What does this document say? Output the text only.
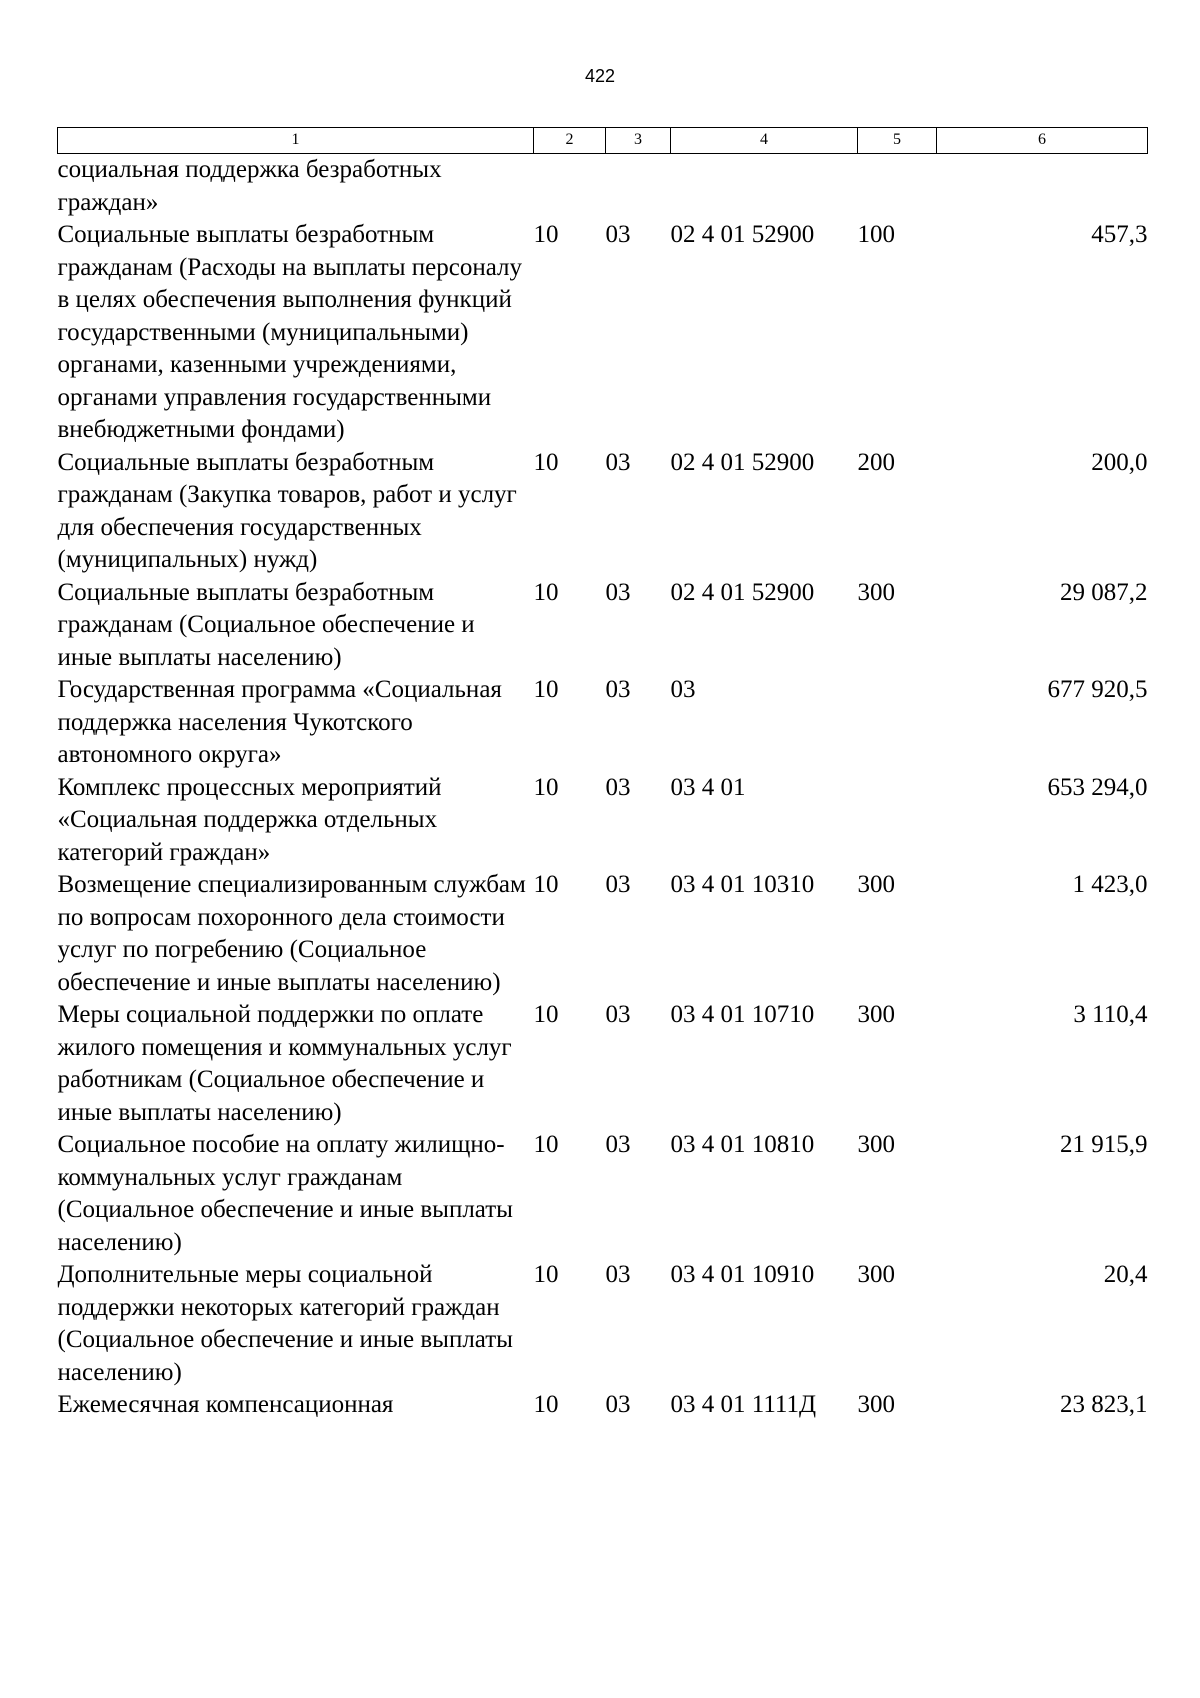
422
1	2	3	4	5	6
социальная поддержка безработных граждан»					
Социальные выплаты безработным гражданам (Расходы на выплаты персоналу в целях обеспечения выполнения функций государственными (муниципальными) органами, казенными учреждениями, органами управления государственными внебюджетными фондами)	10	03	02 4 01 52900	100	457,3
Социальные выплаты безработным гражданам (Закупка товаров, работ и услуг для обеспечения государственных (муниципальных) нужд)	10	03	02 4 01 52900	200	200,0
Социальные выплаты безработным гражданам (Социальное обеспечение и иные выплаты населению)	10	03	02 4 01 52900	300	29 087,2
Государственная программа «Социальная поддержка населения Чукотского автономного округа»	10	03	03		677 920,5
Комплекс процессных мероприятий «Социальная поддержка отдельных категорий граждан»	10	03	03 4 01		653 294,0
Возмещение специализированным службам по вопросам похоронного дела стоимости услуг по погребению (Социальное обеспечение и иные выплаты населению)	10	03	03 4 01 10310	300	1 423,0
Меры социальной поддержки по оплате жилого помещения и коммунальных услуг работникам (Социальное обеспечение и иные выплаты населению)	10	03	03 4 01 10710	300	3 110,4
Социальное пособие на оплату жилищно-коммунальных услуг гражданам (Социальное обеспечение и иные выплаты населению)	10	03	03 4 01 10810	300	21 915,9
Дополнительные меры социальной поддержки некоторых категорий граждан (Социальное обеспечение и иные выплаты населению)	10	03	03 4 01 10910	300	20,4
Ежемесячная компенсационная	10	03	03 4 01 1111Д	300	23 823,1
